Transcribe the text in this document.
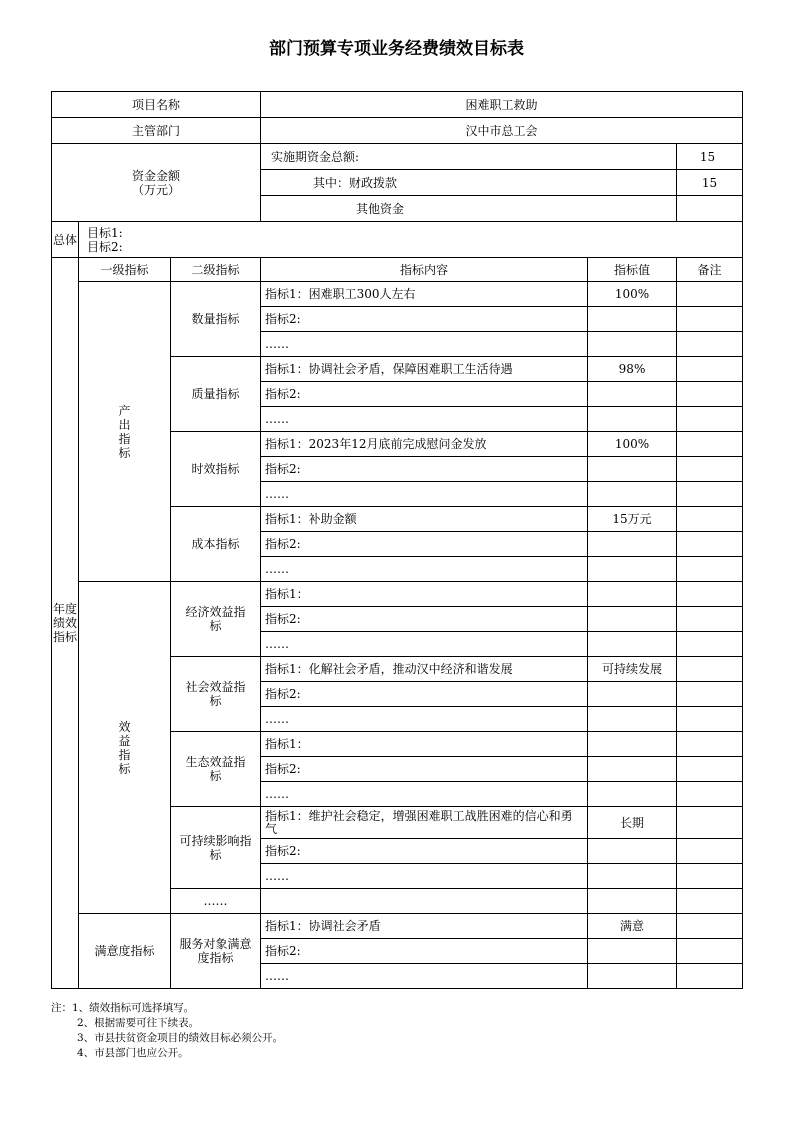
部门预算专项业务经费绩效目标表
项目名称			困难职工救助		
主管部门			汉中市总工会		

资金金额
（万元）			实施期资金总额:		15
			其中：财政拨款		15
			其他资金		
总体	目标1:
目标2:				

年度绩效指标	一级指标	二级指标	指标内容	指标值	备注
	产出指标	数量指标	指标1：困难职工300人左右	100%	
			指标2:		
			……		
		质量指标	指标1：协调社会矛盾，保障困难职工生活待遇	98%	
			指标2:		
			……		
		时效指标	指标1：2023年12月底前完成慰问金发放	100%	
			指标2:		
			……		
		成本指标	指标1：补助金额	15万元	
			指标2:		
			……		
	效益指标	经济效益指标	指标1：		
			指标2:		
			……		
		社会效益指标	指标1：化解社会矛盾，推动汉中经济和谐发展	可持续发展	
			指标2:		
			……		
		生态效益指标	指标1：		
			指标2:		
			……		
		可持续影响指标	指标1：维护社会稳定，增强困难职工战胜困难的信心和勇气	长期	
			指标2:		
			……		
		……			
	满意度指标	服务对象满意度指标	指标1：协调社会矛盾	满意	
			指标2:		
			……		
注：1、绩效指标可选择填写。
2、根据需要可往下续表。
3、市县扶贫资金项目的绩效目标必须公开。
4、市县部门也应公开。
